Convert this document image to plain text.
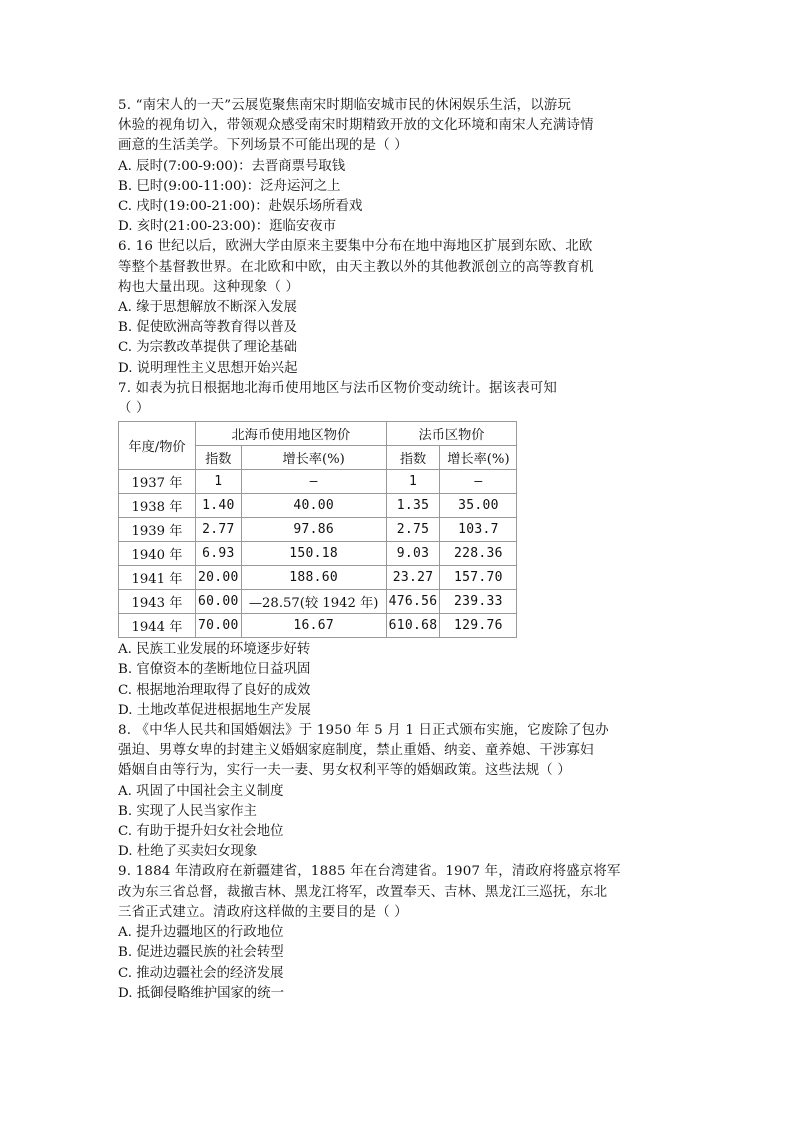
5. “南宋人的一天”云展览聚焦南宋时期临安城市民的休闲娱乐生活，以游玩
休验的视角切入，带领观众感受南宋时期精致开放的文化环境和南宋人充满诗情
画意的生活美学。下列场景不可能出现的是（ ）
A. 辰时(7:00-9:00)：去晋商票号取钱
B. 巳时(9:00-11:00)：泛舟运河之上
C. 戌时(19:00-21:00)：赴娱乐场所看戏
D. 亥时(21:00-23:00)：逛临安夜市
6. 16 世纪以后，欧洲大学由原来主要集中分布在地中海地区扩展到东欧、北欧
等整个基督教世界。在北欧和中欧，由天主教以外的其他教派创立的高等教育机
构也大量出现。这种现象（ ）
A. 缘于思想解放不断深入发展
B. 促使欧洲高等教育得以普及
C. 为宗教改革提供了理论基础
D. 说明理性主义思想开始兴起
7. 如表为抗日根据地北海币使用地区与法币区物价变动统计。据该表可知
（ ）
年度/物价	北海币使用地区物价		法币区物价	
	指数	增长率(%)	指数	增长率(%)
1937 年	1	—	1	—
1938 年	1.40	40.00	1.35	35.00
1939 年	2.77	97.86	2.75	103.7
1940 年	6.93	150.18	9.03	228.36
1941 年	20.00	188.60	23.27	157.70
1943 年	60.00	—28.57(较 1942 年)	476.56	239.33
1944 年	70.00	16.67	610.68	129.76
A. 民族工业发展的环境逐步好转
B. 官僚资本的垄断地位日益巩固
C. 根据地治理取得了良好的成效
D. 土地改革促进根据地生产发展
8. 《中华人民共和国婚姻法》于 1950 年 5 月 1 日正式颁布实施，它废除了包办
强迫、男尊女卑的封建主义婚姻家庭制度，禁止重婚、纳妾、童养媳、干涉寡妇
婚姻自由等行为，实行一夫一妻、男女权利平等的婚姻政策。这些法规（ ）
A. 巩固了中国社会主义制度
B. 实现了人民当家作主
C. 有助于提升妇女社会地位
D. 杜绝了买卖妇女现象
9. 1884 年清政府在新疆建省，1885 年在台湾建省。1907 年，清政府将盛京将军
改为东三省总督，裁撤吉林、黑龙江将军，改置奉天、吉林、黑龙江三巡抚，东北
三省正式建立。清政府这样做的主要目的是（ ）
A. 提升边疆地区的行政地位
B. 促进边疆民族的社会转型
C. 推动边疆社会的经济发展
D. 抵御侵略维护国家的统一
